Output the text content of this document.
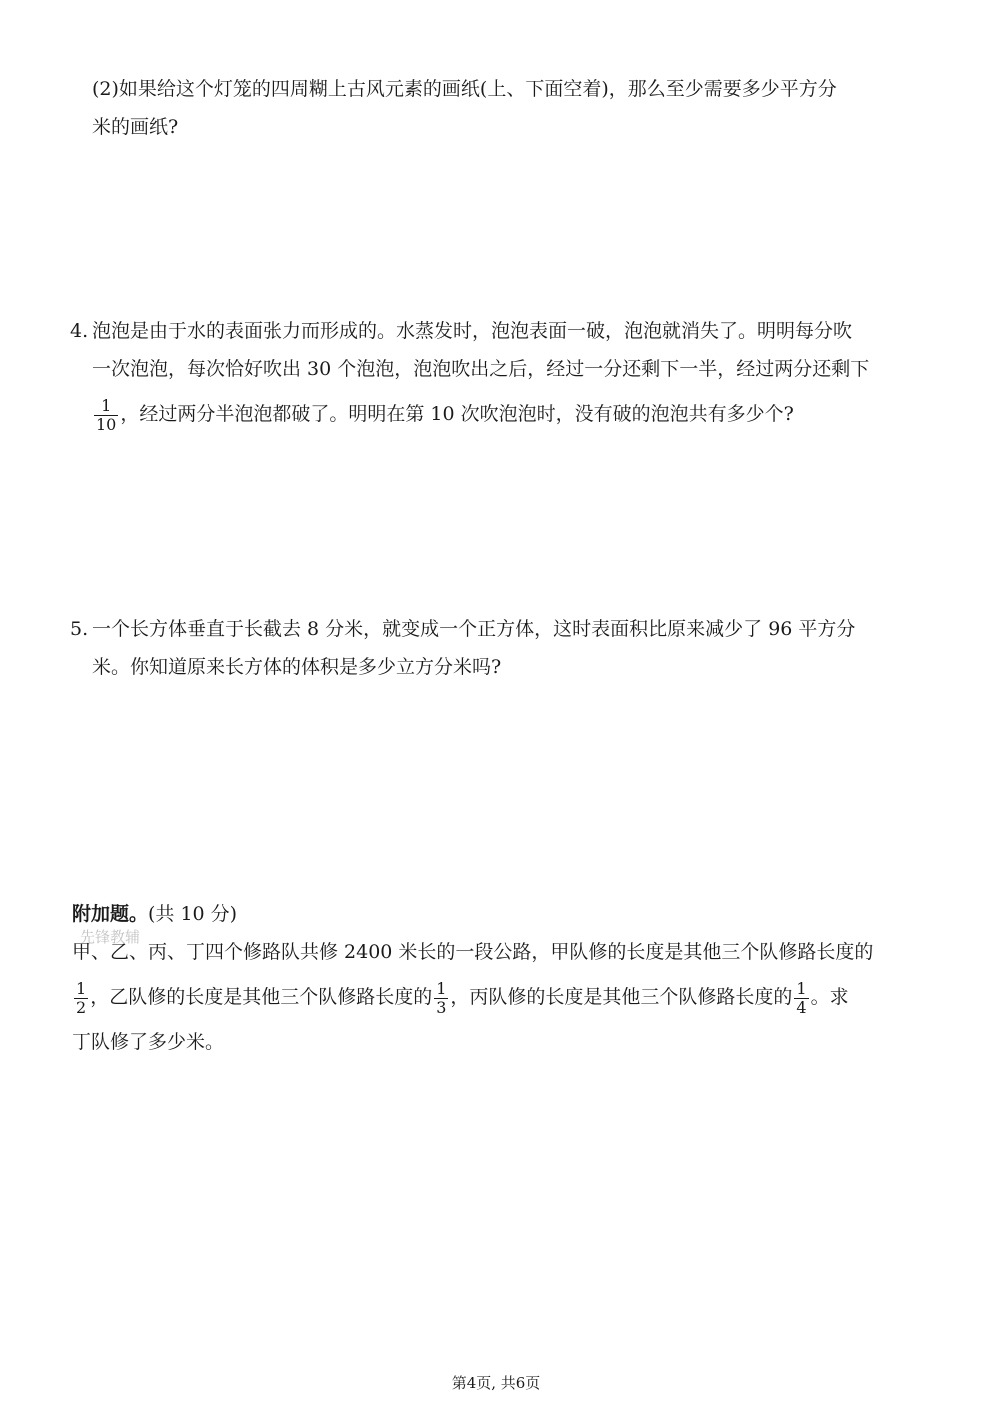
(2)如果给这个灯笼的四周糊上古风元素的画纸(上、下面空着)，那么至少需要多少平方分
米的画纸?
4. 泡泡是由于水的表面张力而形成的。水蒸发时，泡泡表面一破，泡泡就消失了。明明每分吹
一次泡泡，每次恰好吹出 30 个泡泡，泡泡吹出之后，经过一分还剩下一半，经过两分还剩下
$\frac{1}{10}$ ，经过两分半泡泡都破了。明明在第 10 次吹泡泡时，没有破的泡泡共有多少个?
5. 一个长方体垂直于长截去 8 分米，就变成一个正方体，这时表面积比原来减少了 96 平方分
米。你知道原来长方体的体积是多少立方分米吗?
先锋教辅
附加题。(共 10 分)
甲、乙、丙、丁四个修路队共修 2400 米长的一段公路，甲队修的长度是其他三个队修路长度的
$\frac{1}{2}$ ，乙队修的长度是其他三个队修路长度的 $\frac{1}{3}$ ，丙队修的长度是其他三个队修路长度的 $\frac{1}{4}$ 。求
丁队修了多少米。
第4页, 共6页
